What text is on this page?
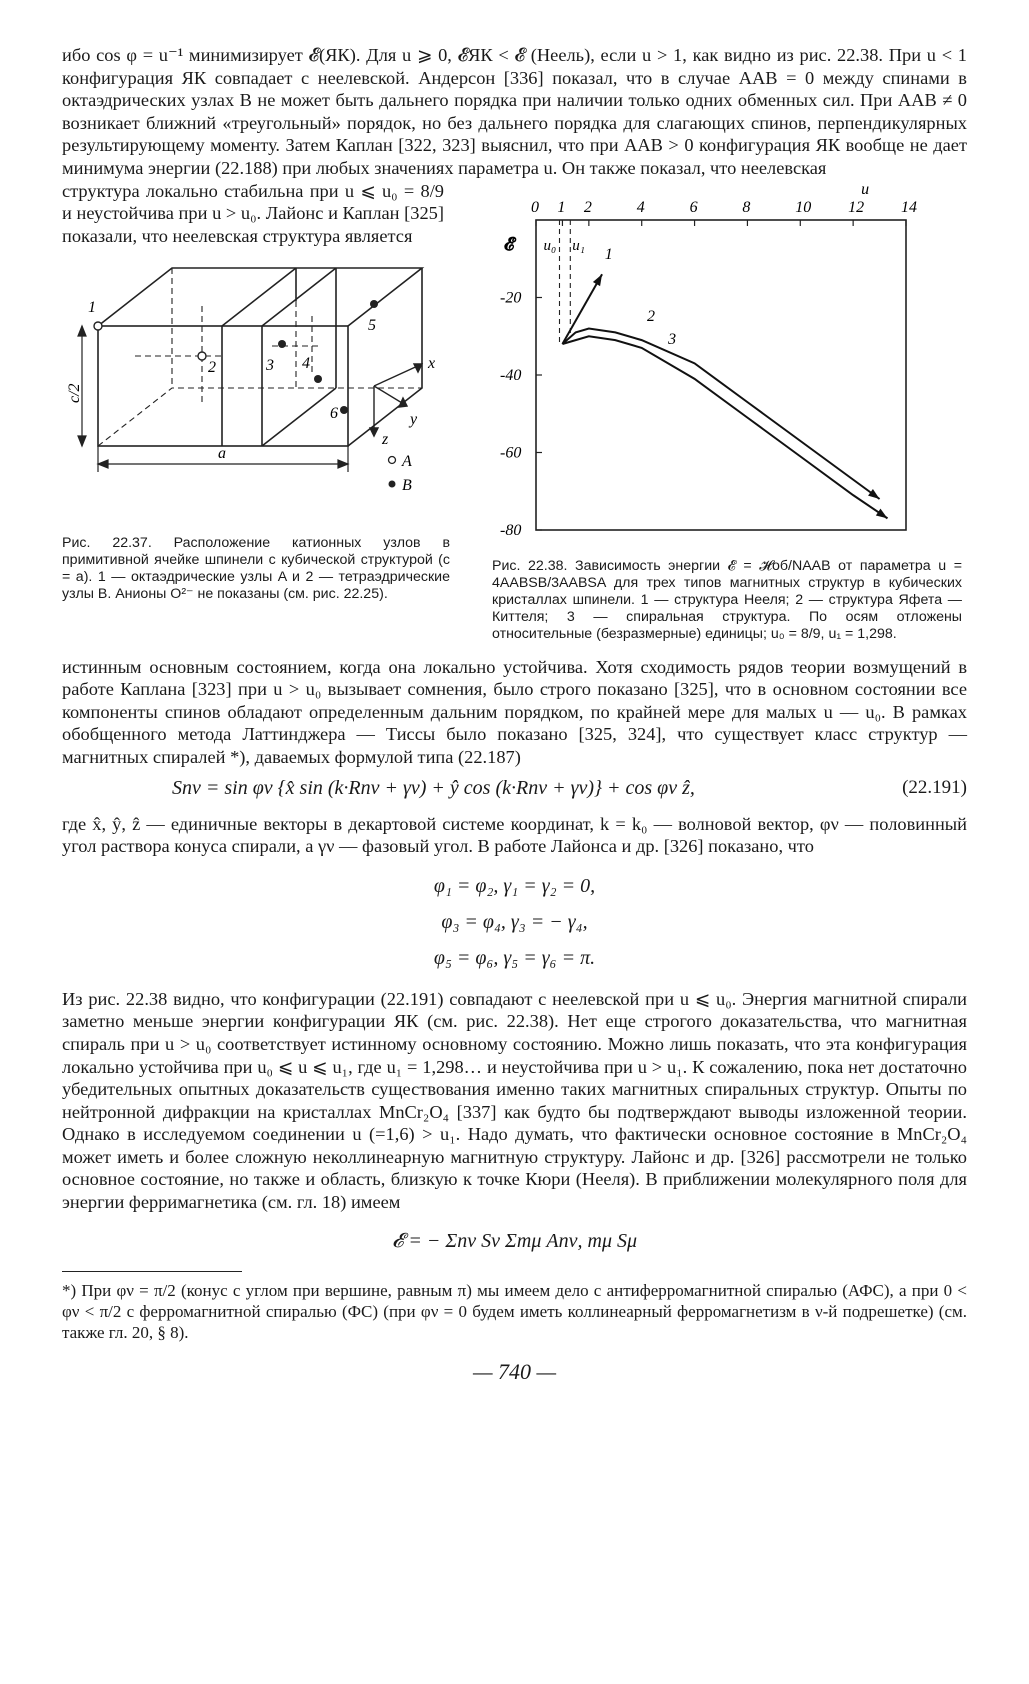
ибо cos φ = u⁻¹ минимизирует 𝓔(ЯК). Для u ⩾ 0, 𝓔ЯК < 𝓔 (Неель), если u > 1, как видно из рис. 22.38. При u < 1 конфигурация ЯК совпадает с неелевской. Андерсон [336] показал, что в случае AAB = 0 между спинами в октаэдрических узлах B не может быть дальнего порядка при наличии только одних обменных сил. При AAB ≠ 0 возникает ближний «треугольный» порядок, но без дальнего порядка для слагающих спинов, перпендикулярных результирующему моменту. Затем Каплан [322, 323] выяснил, что при AAB > 0 конфигурация ЯК вообще не дает минимума энергии (22.188) при любых значениях параметра u. Он также показал, что неелевская

структура локально стабильна при u ⩽ u₀ = 8/9 и неустойчива при u > u₀. Лайонс и Каплан [325] показали, что неелевская структура является

1
2	3 4
5
6
c/2
a
x
y
z
A
B
Рис. 22.37. Расположение катионных узлов в примитивной ячейке шпинели с кубической структурой (c = a). 1 — октаэдрические узлы A и 2 — тетраэдрические узлы B. Анионы O²⁻ не показаны (см. рис. 22.25).
0 1 2	4	6	8	10 12 14
u
-20
-40
-60
-80
𝓔 u₀ u₁ 1
2
3
Рис. 22.38. Зависимость энергии 𝓔 = 𝓗об/NAAB от параметра u = 4AABSB/3AABSA для трех типов магнитных структур в кубических кристаллах шпинели. 1 — структура Нееля; 2 — структура Яфета — Киттеля; 3 — спиральная структура. По осям отложены относительные (безразмерные) единицы; u₀ = 8/9, u₁ = 1,298.

истинным основным состоянием, когда она локально устойчива. Хотя сходимость рядов теории возмущений в работе Каплана [323] при u > u₀ вызывает сомнения, было строго показано [325], что в основном состоянии все компоненты спинов обладают определенным дальним порядком, по крайней мере для малых u — u₀. В рамках обобщенного метода Латтинджера — Тиссы было показано [325, 324], что существует класс структур — магнитных спиралей *), даваемых формулой типа (22.187)

Snν = sin φν {x̂ sin (k·Rnν + γν) + ŷ cos (k·Rnν + γν)} + cos φν ẑ,	(22.191)

где x̂, ŷ, ẑ — единичные векторы в декартовой системе координат, k = k₀ — волновой вектор, φν — половинный угол раствора конуса спирали, а γν — фазовый угол. В работе Лайонса и др. [326] показано, что

φ₁ = φ₂, γ₁ = γ₂ = 0,
φ₃ = φ₄, γ₃ = − γ₄,
φ₅ = φ₆, γ₅ = γ₆ = π.

Из рис. 22.38 видно, что конфигурации (22.191) совпадают с неелевской при u ⩽ u₀. Энергия магнитной спирали заметно меньше энергии конфигурации ЯК (см. рис. 22.38). Нет еще строгого доказательства, что магнитная спираль при u > u₀ соответствует истинному основному состоянию. Можно лишь показать, что эта конфигурация локально устойчива при u₀ ⩽ u ⩽ u₁, где u₁ = 1,298… и неустойчива при u > u₁. К сожалению, пока нет достаточно убедительных опытных доказательств существования именно таких магнитных спиральных структур. Опыты по нейтронной дифракции на кристаллах MnCr₂O₄ [337] как будто бы подтверждают выводы изложенной теории. Однако в исследуемом соединении u (=1,6) > u₁. Надо думать, что фактически основное состояние в MnCr₂O₄ может иметь и более сложную неколлинеарную магнитную структуру. Лайонс и др. [326] рассмотрели не только основное состояние, но также и область, близкую к точке Кюри (Нееля). В приближении молекулярного поля для энергии ферримагнетика (см. гл. 18) имеем

𝓔 = − Σnν Sν Σmμ Anν, mμ Sμ
*) При φν = π/2 (конус с углом при вершине, равным π) мы имеем дело с антиферромагнитной спиралью (АФС), а при 0 < φν < π/2 с ферромагнитной спиралью (ФС) (при φν = 0 будем иметь коллинеарный ферромагнетизм в ν-й подрешетке) (см. также гл. 20, § 8).
— 740 —
